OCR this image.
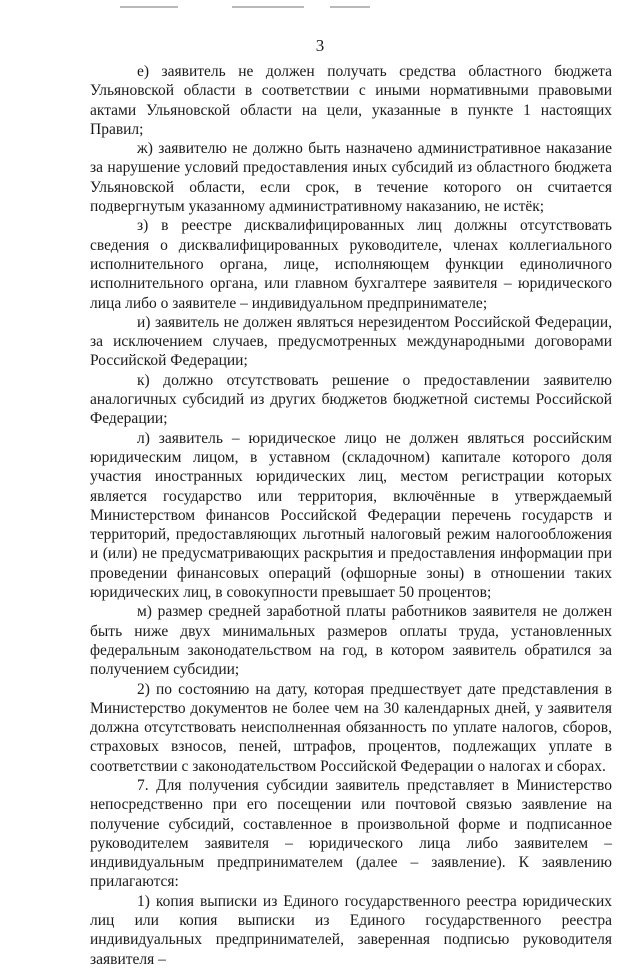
3

е) заявитель не должен получать средства областного бюджета Ульяновской области в соответствии с иными нормативными правовыми актами Ульяновской области на цели, указанные в пункте 1 настоящих Правил;

ж) заявителю не должно быть назначено административное наказание за нарушение условий предоставления иных субсидий из областного бюджета Ульяновской области, если срок, в течение которого он считается подвергнутым указанному административному наказанию, не истёк;

з) в реестре дисквалифицированных лиц должны отсутствовать сведения о дисквалифицированных руководителе, членах коллегиального исполнительного органа, лице, исполняющем функции единоличного исполнительного органа, или главном бухгалтере заявителя – юридического лица либо о заявителе – индивидуальном предпринимателе;

и) заявитель не должен являться нерезидентом Российской Федерации, за исключением случаев, предусмотренных международными договорами Российской Федерации;

к) должно отсутствовать решение о предоставлении заявителю аналогичных субсидий из других бюджетов бюджетной системы Российской Федерации;

л) заявитель – юридическое лицо не должен являться российским юридическим лицом, в уставном (складочном) капитале которого доля участия иностранных юридических лиц, местом регистрации которых является государство или территория, включённые в утверждаемый Министерством финансов Российской Федерации перечень государств и территорий, предоставляющих льготный налоговый режим налогообложения и (или) не предусматривающих раскрытия и предоставления информации при проведении финансовых операций (офшорные зоны) в отношении таких юридических лиц, в совокупности превышает 50 процентов;

м) размер средней заработной платы работников заявителя не должен быть ниже двух минимальных размеров оплаты труда, установленных федеральным законодательством на год, в котором заявитель обратился за получением субсидии;

2) по состоянию на дату, которая предшествует дате представления в Министерство документов не более чем на 30 календарных дней, у заявителя должна отсутствовать неисполненная обязанность по уплате налогов, сборов, страховых взносов, пеней, штрафов, процентов, подлежащих уплате в соответствии с законодательством Российской Федерации о налогах и сборах.

7. Для получения субсидии заявитель представляет в Министерство непосредственно при его посещении или почтовой связью заявление на получение субсидий, составленное в произвольной форме и подписанное руководителем заявителя – юридического лица либо заявителем – индивидуальным предпринимателем (далее – заявление). К заявлению прилагаются:

1) копия выписки из Единого государственного реестра юридических лиц или копия выписки из Единого государственного реестра индивидуальных предпринимателей, заверенная подписью руководителя заявителя –
